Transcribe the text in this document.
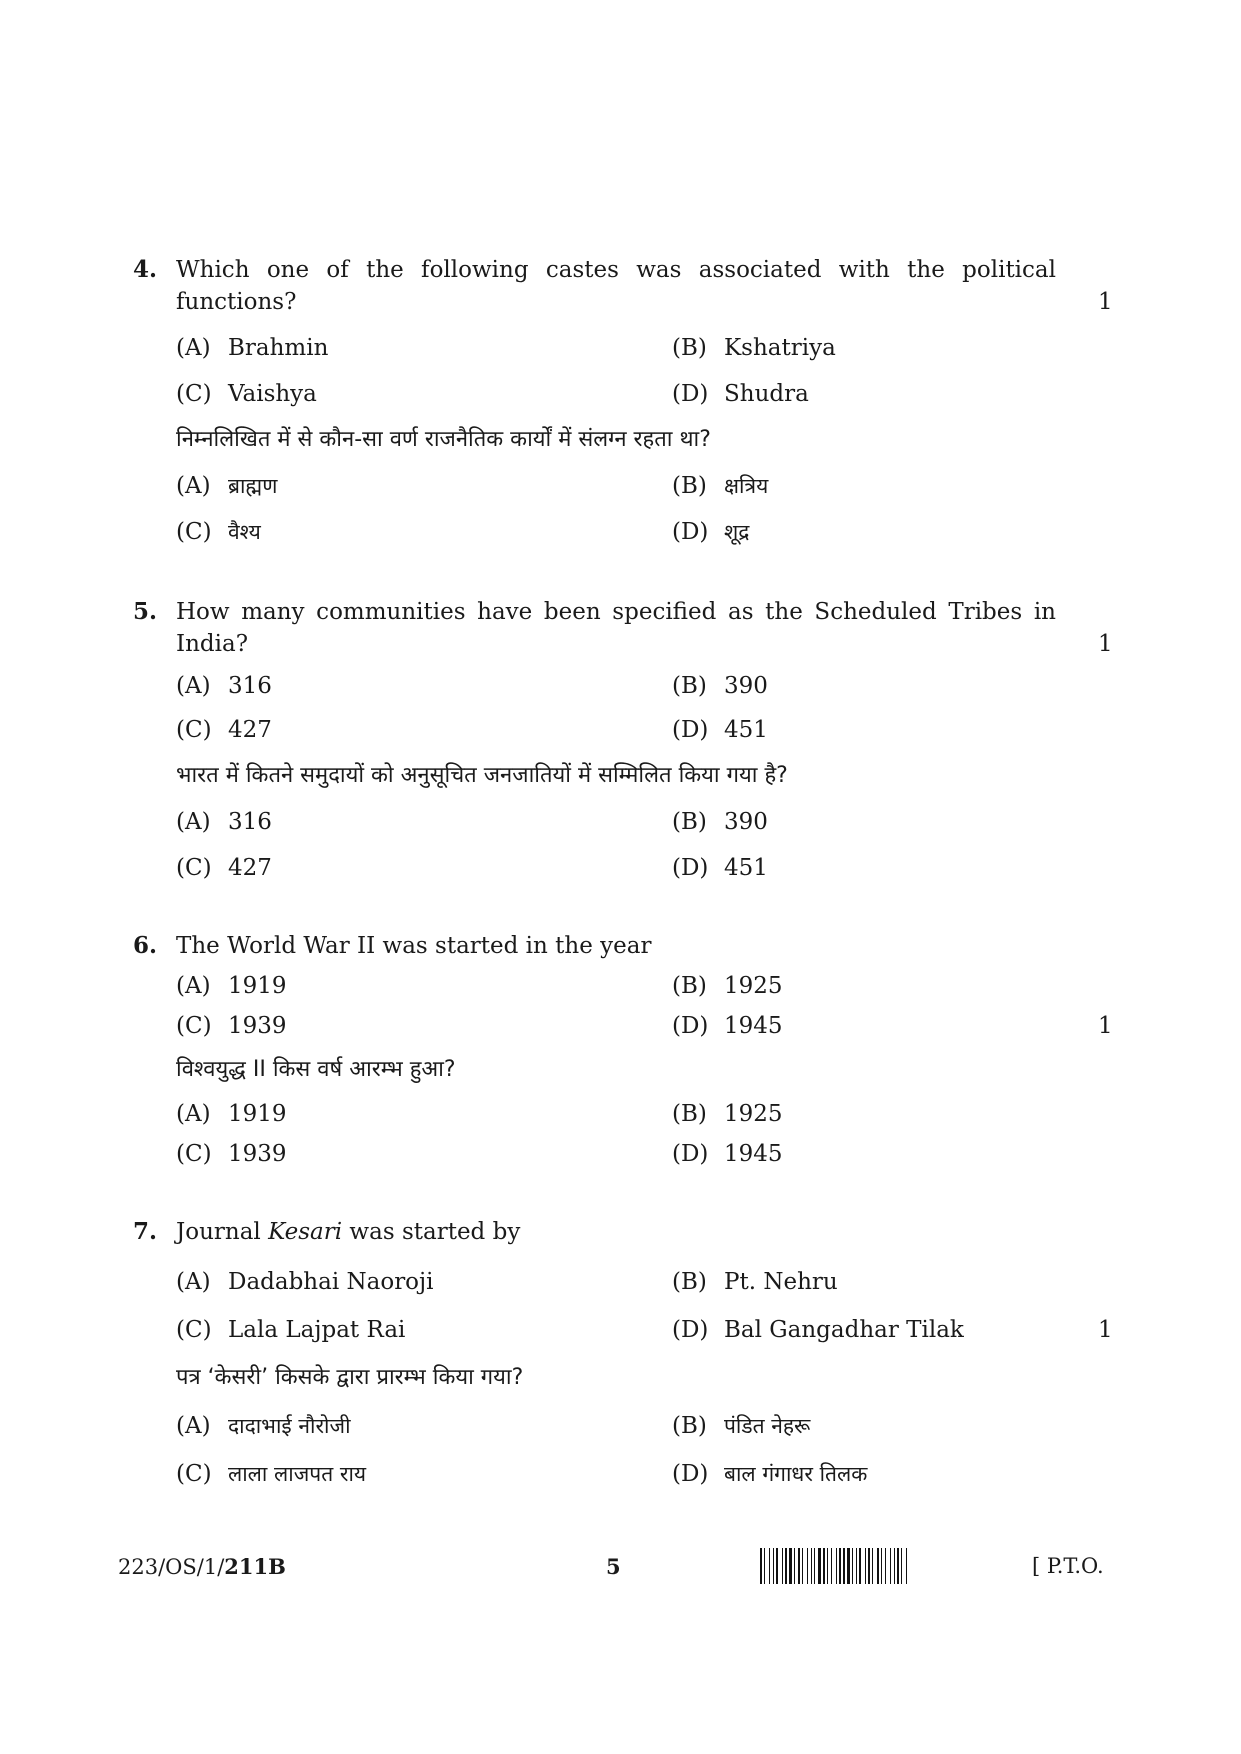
4. Which one of the following castes was associated with the political functions?	1
(A) Brahmin	(B) Kshatriya
(C) Vaishya	(D) Shudra
निम्नलिखित में से कौन-सा वर्ण राजनैतिक कार्यों में संलग्न रहता था?
(A) ब्राह्मण	(B) क्षत्रिय
(C) वैश्य	(D) शूद्र
5. How many communities have been specified as the Scheduled Tribes in India?	1
(A) 316	(B) 390
(C) 427	(D) 451
भारत में कितने समुदायों को अनुसूचित जनजातियों में सम्मिलित किया गया है?
(A) 316	(B) 390
(C) 427	(D) 451
6. The World War II was started in the year
(A) 1919	(B) 1925
(C) 1939	(D) 1945	1
विश्वयुद्ध II किस वर्ष आरम्भ हुआ?
(A) 1919	(B) 1925
(C) 1939	(D) 1945
7. Journal Kesari was started by
(A) Dadabhai Naoroji	(B) Pt. Nehru
(C) Lala Lajpat Rai	(D) Bal Gangadhar Tilak	1
पत्र ‘केसरी’ किसके द्वारा प्रारम्भ किया गया?
(A) दादाभाई नौरोजी	(B) पंडित नेहरू
(C) लाला लाजपत राय	(D) बाल गंगाधर तिलक
223/OS/1/211B	5	[ P.T.O.
